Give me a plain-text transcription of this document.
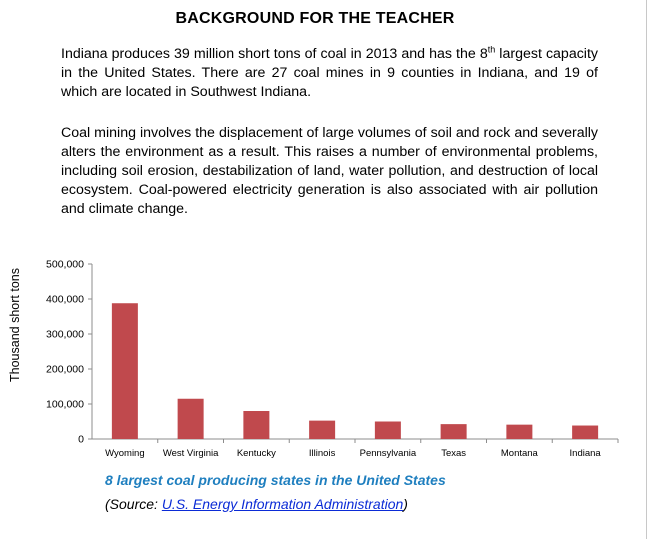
BACKGROUND FOR THE TEACHER
Indiana produces 39 million short tons of coal in 2013 and has the 8th largest capacity in the United States. There are 27 coal mines in 9 counties in Indiana, and 19 of which are located in Southwest Indiana.
Coal mining involves the displacement of large volumes of soil and rock and severally alters the environment as a result. This raises a number of environmental problems, including soil erosion, destabilization of land, water pollution, and destruction of local ecosystem. Coal-powered electricity generation is also associated with air pollution and climate change.
Thousand short tons
0
100,000
200,000
300,000
400,000
500,000
Wyoming West Virginia Kentucky	Illinois	Pennsylvania	Texas	Montana	Indiana
8 largest coal producing states in the United States
(Source: U.S. Energy Information Administration)
